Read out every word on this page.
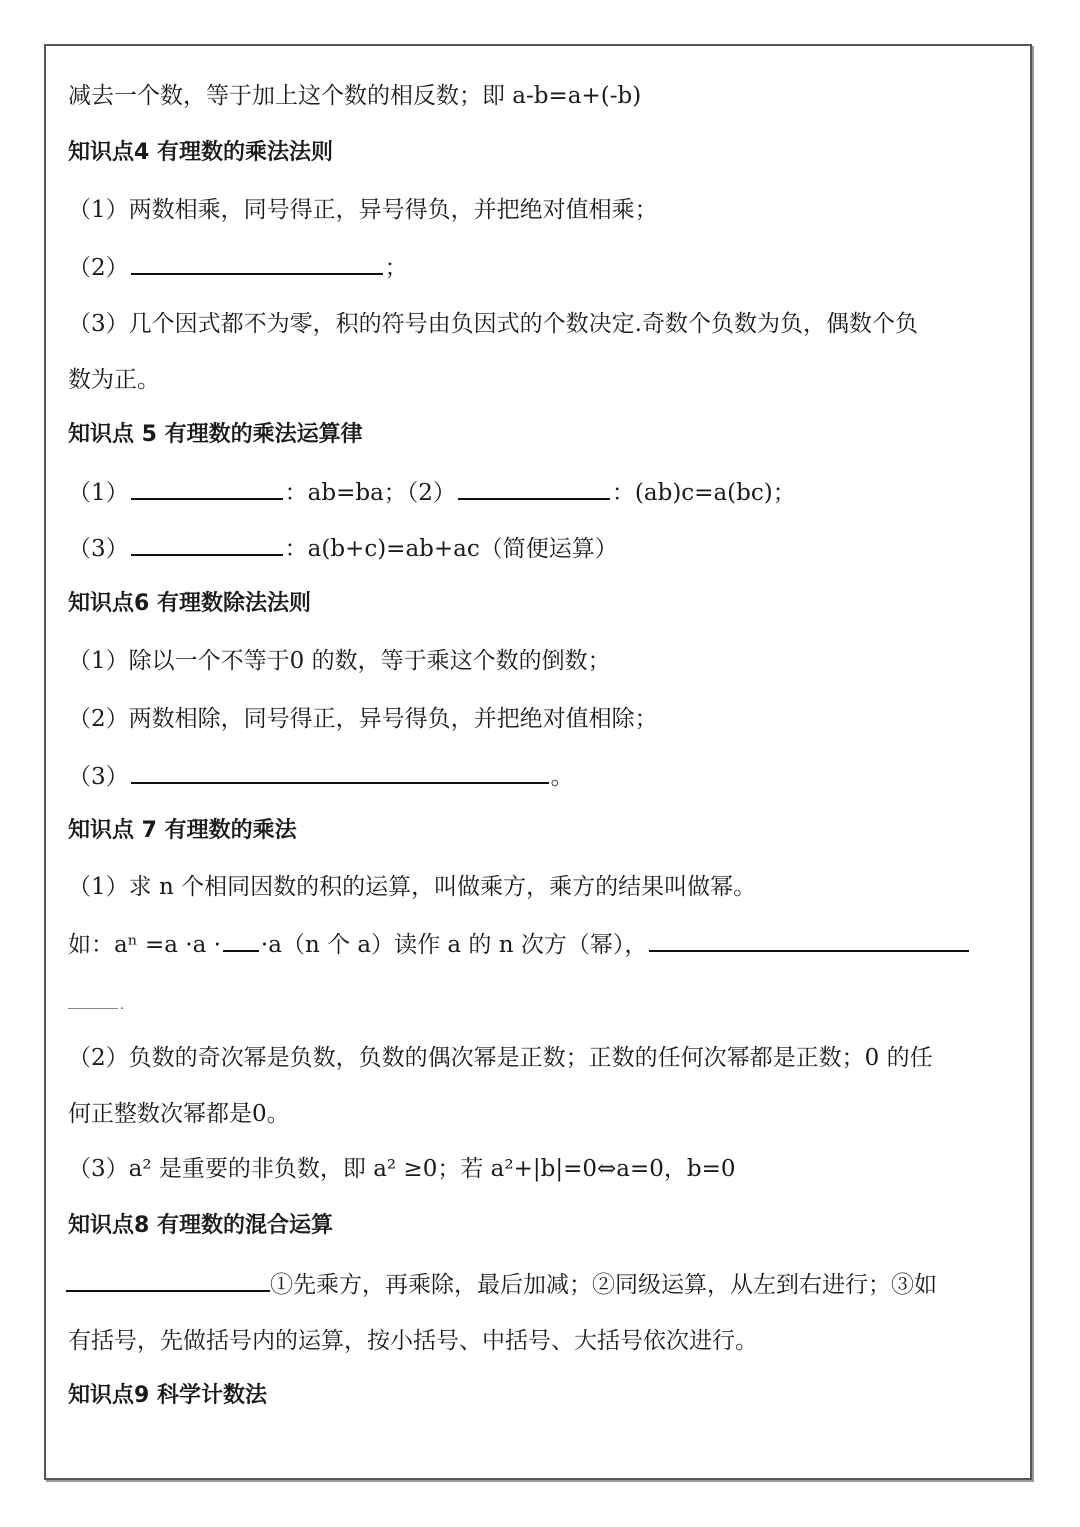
减去一个数，等于加上这个数的相反数；即 a-b=a+(-b)
知识点4 有理数的乘法法则
（1）两数相乘，同号得正，异号得负，并把绝对值相乘；
（2）	；
（3）几个因式都不为零，积的符号由负因式的个数决定.奇数个负数为负，偶数个负
数为正。
知识点 5 有理数的乘法运算律
（1）	：ab=ba；（2）	：(ab)c=a(bc)；
（3）	：a(b+c)=ab+ac（简便运算）
知识点6 有理数除法法则
（1）除以一个不等于0 的数，等于乘这个数的倒数；
（2）两数相除，同号得正，异号得负，并把绝对值相除；
（3）	。
知识点 7 有理数的乘法
（1）求 n 个相同因数的积的运算，叫做乘方，乘方的结果叫做幂。
如：aⁿ =a ·a · ·a（n 个 a）读作 a 的 n 次方（幂），
.
（2）负数的奇次幂是负数，负数的偶次幂是正数；正数的任何次幂都是正数；0 的任
何正整数次幂都是0。
（3）a² 是重要的非负数，即 a² ≥0；若 a²+|b|=0⇔a=0，b=0
知识点8 有理数的混合运算
①先乘方，再乘除，最后加减；②同级运算，从左到右进行；③如
有括号，先做括号内的运算，按小括号、中括号、大括号依次进行。
知识点9 科学计数法
